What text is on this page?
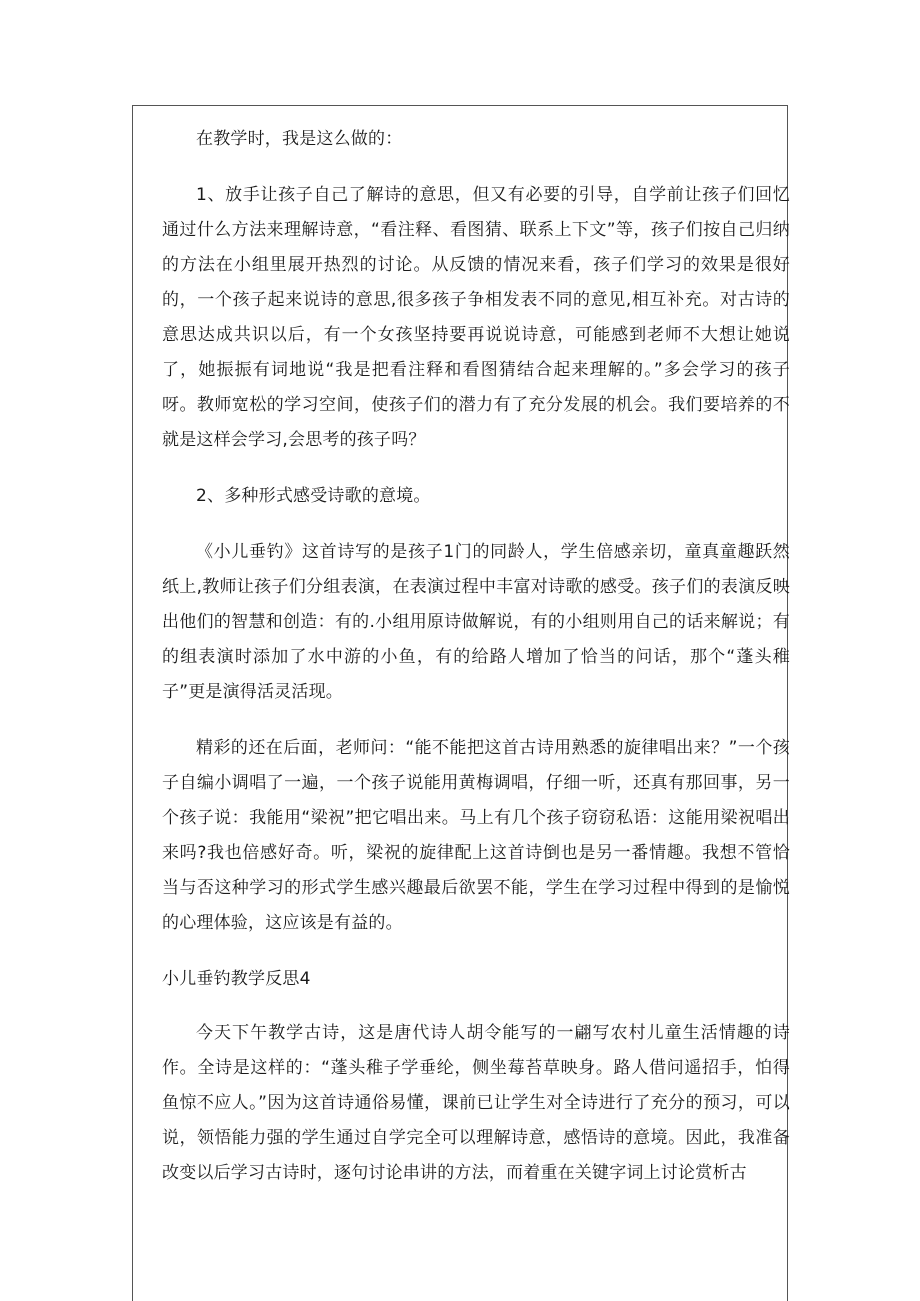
在教学时，我是这么做的：

1、放手让孩子自己了解诗的意思，但又有必要的引导，自学前让孩子们回忆通过什么方法来理解诗意，“看注释、看图猜、联系上下文”等，孩子们按自己归纳的方法在小组里展开热烈的讨论。从反馈的情况来看，孩子们学习的效果是很好的，一个孩子起来说诗的意思,很多孩子争相发表不同的意见,相互补充。对古诗的意思达成共识以后，有一个女孩坚持要再说说诗意，可能感到老师不大想让她说了，她振振有词地说“我是把看注释和看图猜结合起来理解的。”多会学习的孩子呀。教师宽松的学习空间，使孩子们的潜力有了充分发展的机会。我们要培养的不就是这样会学习,会思考的孩子吗？

2、多种形式感受诗歌的意境。

《小儿垂钓》这首诗写的是孩子1门的同龄人，学生倍感亲切，童真童趣跃然纸上,教师让孩子们分组表演，在表演过程中丰富对诗歌的感受。孩子们的表演反映出他们的智慧和创造：有的.小组用原诗做解说，有的小组则用自己的话来解说；有的组表演时添加了水中游的小鱼，有的给路人增加了恰当的问话，那个“蓬头稚子”更是演得活灵活现。

精彩的还在后面，老师问：“能不能把这首古诗用熟悉的旋律唱出来？”一个孩子自编小调唱了一遍，一个孩子说能用黄梅调唱，仔细一听，还真有那回事，另一个孩子说：我能用“梁祝”把它唱出来。马上有几个孩子窃窃私语：这能用梁祝唱出来吗?我也倍感好奇。听，梁祝的旋律配上这首诗倒也是另一番情趣。我想不管恰当与否这种学习的形式学生感兴趣最后欲罢不能，学生在学习过程中得到的是愉悦的心理体验，这应该是有益的。

小儿垂钓教学反思4

今天下午教学古诗，这是唐代诗人胡令能写的一翩写农村儿童生活情趣的诗作。全诗是这样的：“蓬头稚子学垂纶，侧坐莓苔草映身。路人借问遥招手，怕得鱼惊不应人。”因为这首诗通俗易懂，课前已让学生对全诗进行了充分的预习，可以说，领悟能力强的学生通过自学完全可以理解诗意，感悟诗的意境。因此，我准备改变以后学习古诗时，逐句讨论串讲的方法，而着重在关键字词上讨论赏析古
